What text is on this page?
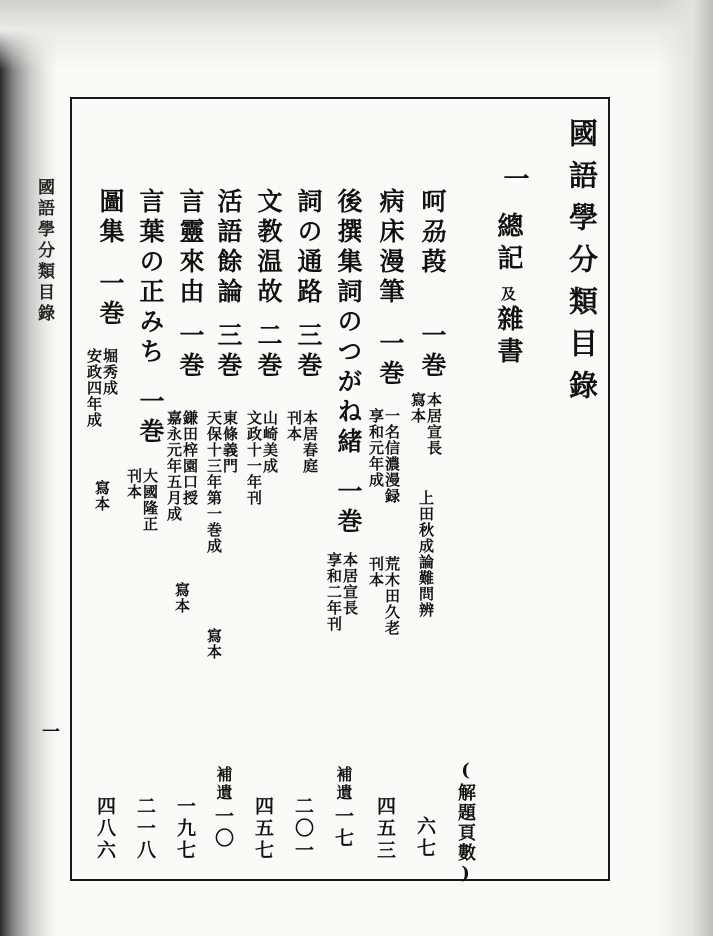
國語學分類目錄
一
國語學分類目錄
一
總記
及
雜書
(解題頁數)
呵刕葮
一巻
本居宣長
寫本
上田秋成論難問辨
六七
病床漫筆
一巻
一名信濃漫録
享和元年成
荒木田久老
刊本
四五三
後撰集詞のつがね緒
一巻
本居宣長
享和二年刊
補遺
一七
詞の通路
三巻
本居春庭
刊本
二〇一
文教温故
二巻
山崎美成
文政十一年刊
四五七
活語餘論
三巻
東條義門
天保十三年第一巻成
寫本
補遺
一〇
言靈來由
一巻
鎌田梓園口授
嘉永元年五月成
寫本
一九七
言葉の正みち
一巻
大國隆正
刊本
二一八
圖集
一巻
堀秀成
安政四年成
寫本
四八六
